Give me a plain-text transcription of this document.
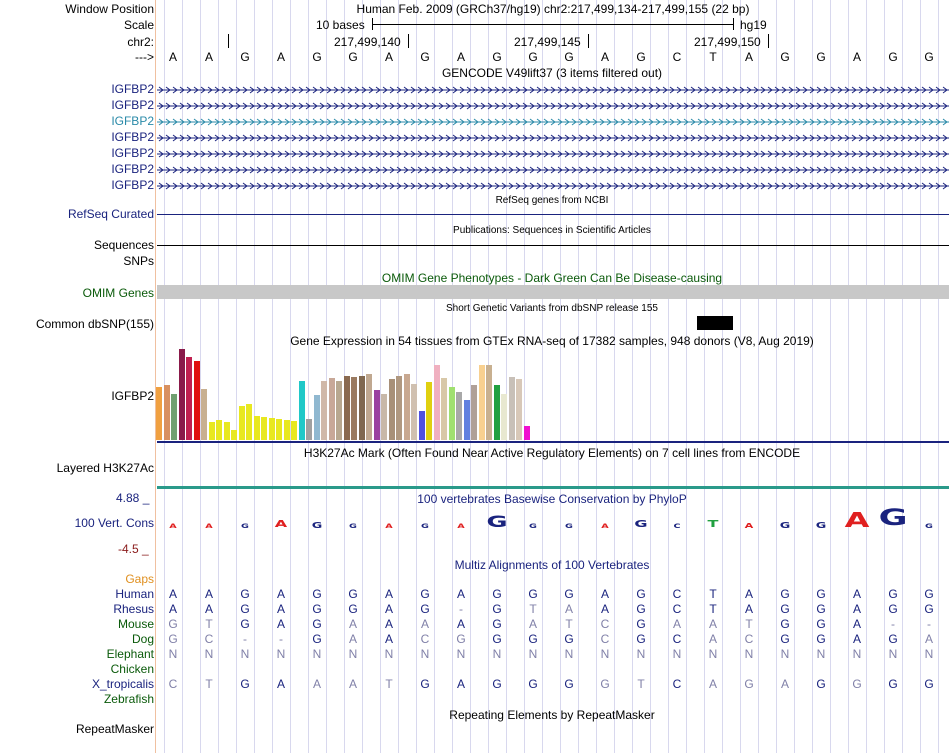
Window Position	Human Feb. 2009 (GRCh37/hg19) chr2:217,499,134-217,499,155 (22 bp)
Scale	10 bases	hg19
chr2:	217,499,140	217,499,145	217,499,150
--->	A	A	G	A	G	G	A	G	A	G	G	G	A	G	C	T	A	G	G	A	G	G
GENCODE V49lift37 (3 items filtered out)
IGFBP2
IGFBP2
IGFBP2
IGFBP2
IGFBP2
IGFBP2
IGFBP2
RefSeq genes from NCBI
RefSeq Curated
Publications: Sequences in Scientific Articles
Sequences
SNPs
OMIM Gene Phenotypes - Dark Green Can Be Disease-causing
OMIM Genes
Short Genetic Variants from dbSNP release 155
Common dbSNP(155)
Gene Expression in 54 tissues from GTEx RNA-seq of 17382 samples, 948 donors (V8, Aug 2019)
IGFBP2
H3K27Ac Mark (Often Found Near Active Regulatory Elements) on 7 cell lines from ENCODE
Layered H3K27Ac
100 vertebrates Basewise Conservation by PhyloP
4.88 _
100 Vert. Cons
-4.5 _
A	A	G	A	G	G	A	G	A	G	G	G	A	G	C	T	A	G	G A G	G
Multiz Alignments of 100 Vertebrates
Gaps
Human	A	A	G	A	G	G	A	G	A	G	G	G	A	G	C	T	A	G	G	A	G	G
Rhesus	A	A	G	A	G	G	A	G	-	G	T	A	A	G	C	T	A	G	G	A	G	G
Mouse	G	T	G	A	G	A	A	A	A	G	A	T	C	G	A	A	T	G	G	A	-	-
Dog	G	C	-	-	G	A	A	C	G	G	G	G	C	G	C	A	C	G	G	A	G	A
Elephant	N	N	N	N	N	N	N	N	N	N	N	N	N	N	N	N	N	N	N	N	N	N
Chicken
X_tropicalis	C	T	G	A	A	A	T	G	A	G	G	G	G	T	C	A	G	A	G	G	G	G
Zebrafish
Repeating Elements by RepeatMasker
RepeatMasker
